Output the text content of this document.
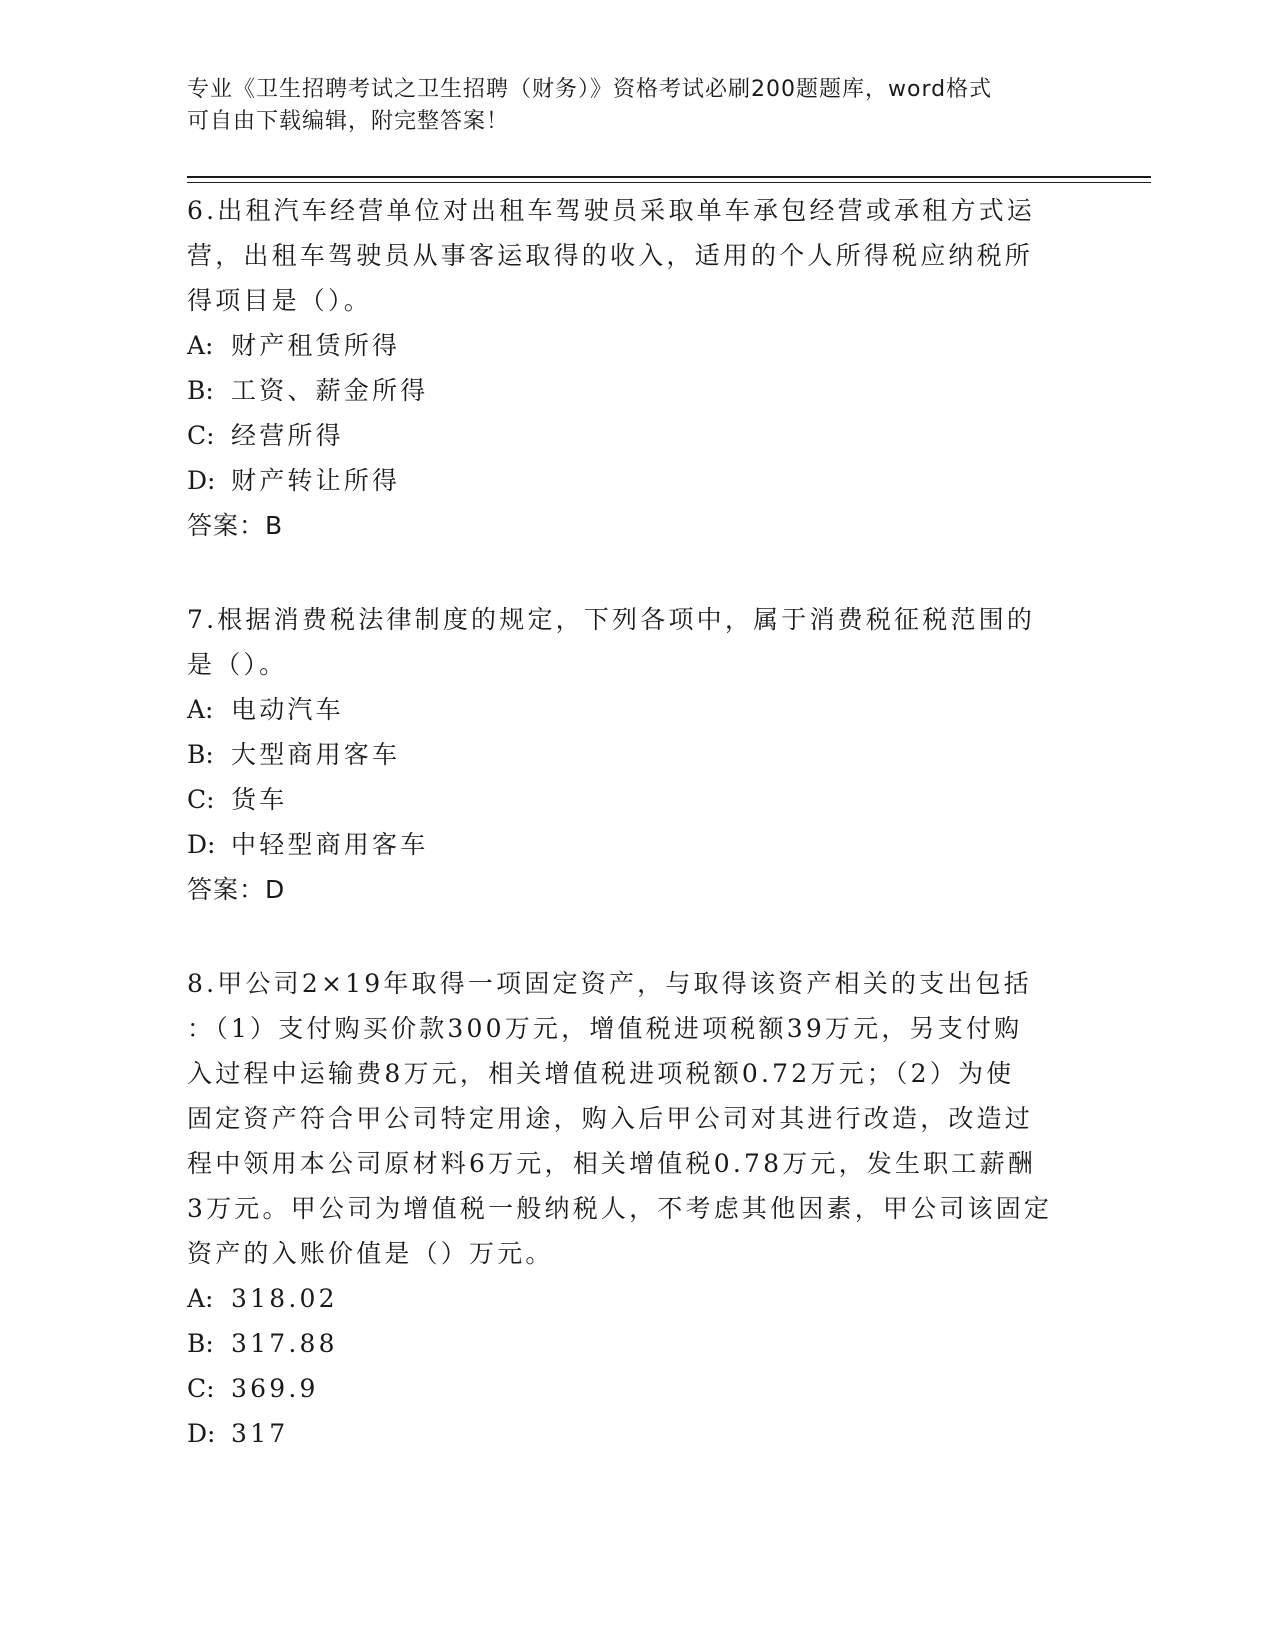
专业《卫生招聘考试之卫生招聘（财务）》资格考试必刷200题题库，word格式
可自由下载编辑，附完整答案！

6.出租汽车经营单位对出租车驾驶员采取单车承包经营或承租方式运

营，出租车驾驶员从事客运取得的收入，适用的个人所得税应纳税所

得项目是（）。

A: 财产租赁所得
B: 工资、薪金所得
C: 经营所得
D: 财产转让所得

答案：B

7.根据消费税法律制度的规定，下列各项中，属于消费税征税范围的

是（）。

A: 电动汽车
B: 大型商用客车
C: 货车
D: 中轻型商用客车

答案：D

8.甲公司2×19年取得一项固定资产，与取得该资产相关的支出包括

：（1）支付购买价款300万元，增值税进项税额39万元，另支付购

入过程中运输费8万元，相关增值税进项税额0.72万元；（2）为使

固定资产符合甲公司特定用途，购入后甲公司对其进行改造，改造过

程中领用本公司原材料6万元，相关增值税0.78万元，发生职工薪酬

3万元。甲公司为增值税一般纳税人，不考虑其他因素，甲公司该固定

资产的入账价值是（）万元。

A: 318.02
B: 317.88
C: 369.9
D: 317
